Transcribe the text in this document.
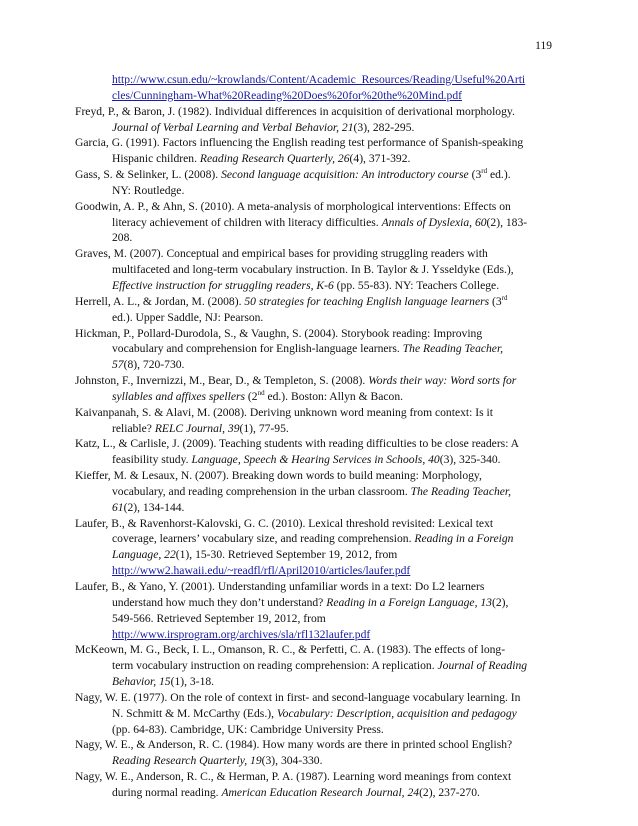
119
http://www.csun.edu/~krowlands/Content/Academic_Resources/Reading/Useful%20Arti
cles/Cunningham-What%20Reading%20Does%20for%20the%20Mind.pdf
Freyd, P., & Baron, J. (1982). Individual differences in acquisition of derivational morphology.
Journal of Verbal Learning and Verbal Behavior, 21(3), 282-295.
Garcia, G. (1991). Factors influencing the English reading test performance of Spanish-speaking
Hispanic children. Reading Research Quarterly, 26(4), 371-392.
Gass, S. & Selinker, L. (2008). Second language acquisition: An introductory course (3rd ed.).
NY: Routledge.
Goodwin, A. P., & Ahn, S. (2010). A meta-analysis of morphological interventions: Effects on
literacy achievement of children with literacy difficulties. Annals of Dyslexia, 60(2), 183-
208.
Graves, M. (2007). Conceptual and empirical bases for providing struggling readers with
multifaceted and long-term vocabulary instruction. In B. Taylor & J. Ysseldyke (Eds.),
Effective instruction for struggling readers, K-6 (pp. 55-83). NY: Teachers College.
Herrell, A. L., & Jordan, M. (2008). 50 strategies for teaching English language learners (3rd
ed.). Upper Saddle, NJ: Pearson.
Hickman, P., Pollard-Durodola, S., & Vaughn, S. (2004). Storybook reading: Improving
vocabulary and comprehension for English-language learners. The Reading Teacher,
57(8), 720-730.
Johnston, F., Invernizzi, M., Bear, D., & Templeton, S. (2008). Words their way: Word sorts for
syllables and affixes spellers (2nd ed.). Boston: Allyn & Bacon.
Kaivanpanah, S. & Alavi, M. (2008). Deriving unknown word meaning from context: Is it
reliable? RELC Journal, 39(1), 77-95.
Katz, L., & Carlisle, J. (2009). Teaching students with reading difficulties to be close readers: A
feasibility study. Language, Speech & Hearing Services in Schools, 40(3), 325-340.
Kieffer, M. & Lesaux, N. (2007). Breaking down words to build meaning: Morphology,
vocabulary, and reading comprehension in the urban classroom. The Reading Teacher,
61(2), 134-144.
Laufer, B., & Ravenhorst-Kalovski, G. C. (2010). Lexical threshold revisited: Lexical text
coverage, learners’ vocabulary size, and reading comprehension. Reading in a Foreign
Language, 22(1), 15-30. Retrieved September 19, 2012, from
http://www2.hawaii.edu/~readfl/rfl/April2010/articles/laufer.pdf
Laufer, B., & Yano, Y. (2001). Understanding unfamiliar words in a text: Do L2 learners
understand how much they don’t understand? Reading in a Foreign Language, 13(2),
549-566. Retrieved September 19, 2012, from
http://www.irsprogram.org/archives/sla/rfl132laufer.pdf
McKeown, M. G., Beck, I. L., Omanson, R. C., & Perfetti, C. A. (1983). The effects of long-
term vocabulary instruction on reading comprehension: A replication. Journal of Reading
Behavior, 15(1), 3-18.
Nagy, W. E. (1977). On the role of context in first- and second-language vocabulary learning. In
N. Schmitt & M. McCarthy (Eds.), Vocabulary: Description, acquisition and pedagogy
(pp. 64-83). Cambridge, UK: Cambridge University Press.
Nagy, W. E., & Anderson, R. C. (1984). How many words are there in printed school English?
Reading Research Quarterly, 19(3), 304-330.
Nagy, W. E., Anderson, R. C., & Herman, P. A. (1987). Learning word meanings from context
during normal reading. American Education Research Journal, 24(2), 237-270.
